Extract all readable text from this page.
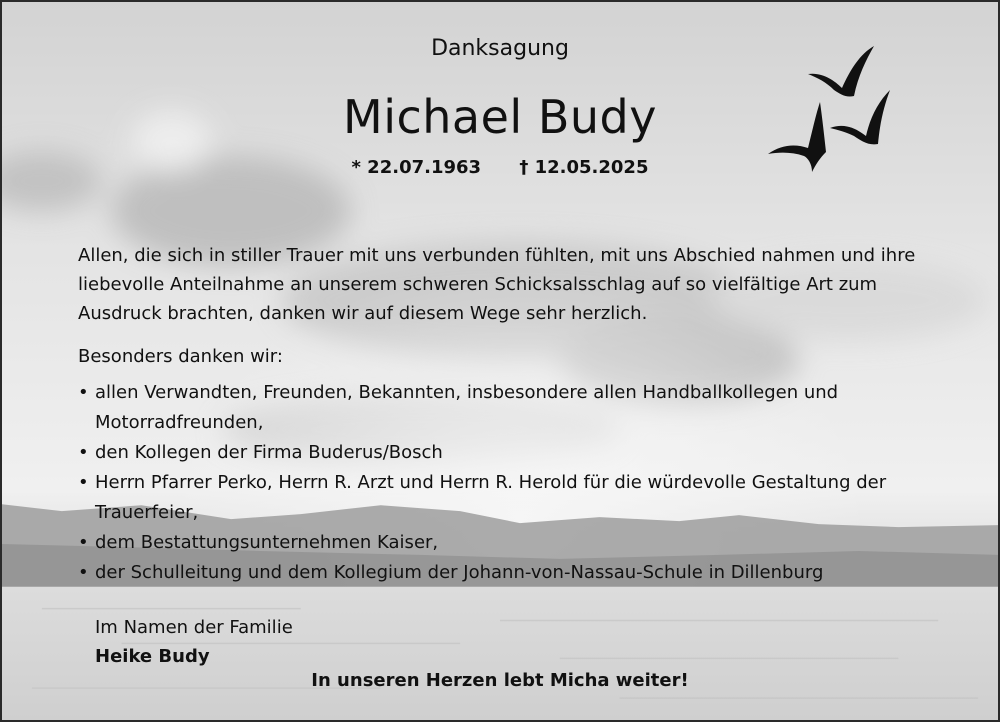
Danksagung
Michael Budy
* 22.07.1963 † 12.05.2025
Allen, die sich in stiller Trauer mit uns verbunden fühlten, mit uns Abschied nahmen und ihre liebevolle Anteilnahme an unserem schweren Schicksalsschlag auf so vielfältige Art zum Ausdruck brachten, danken wir auf diesem Wege sehr herzlich.
Besonders danken wir:
• allen Verwandten, Freunden, Bekannten, insbesondere allen Handballkollegen und Motorradfreunden,
• den Kollegen der Firma Buderus/Bosch
• Herrn Pfarrer Perko, Herrn R. Arzt und Herrn R. Herold für die würdevolle Gestaltung der Trauerfeier,
• dem Bestattungsunternehmen Kaiser,
• der Schulleitung und dem Kollegium der Johann-von-Nassau-Schule in Dillenburg
Im Namen der Familie
Heike Budy
In unseren Herzen lebt Micha weiter!
